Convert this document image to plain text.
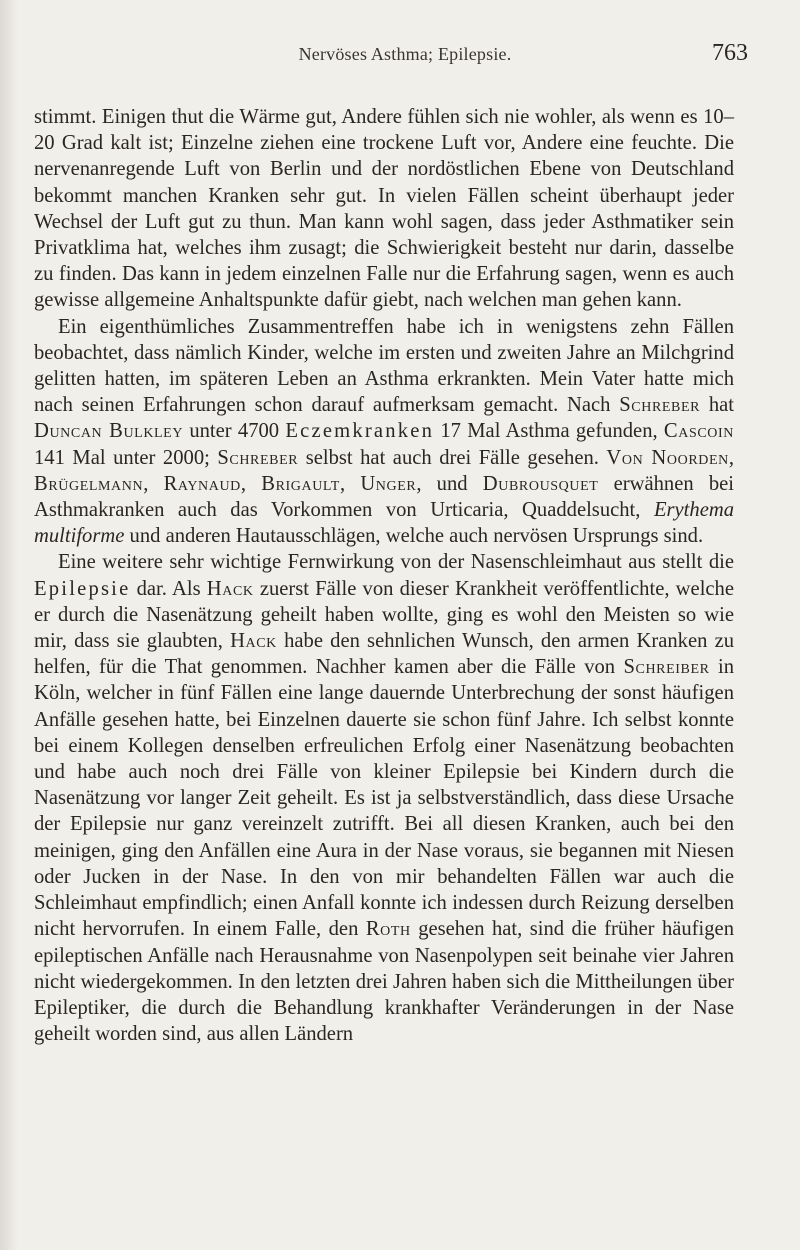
Nervöses Asthma; Epilepsie.	763

stimmt. Einigen thut die Wärme gut, Andere fühlen sich nie wohler, als wenn es 10–20 Grad kalt ist; Einzelne ziehen eine trockene Luft vor, Andere eine feuchte. Die nervenanregende Luft von Berlin und der nordöstlichen Ebene von Deutschland bekommt manchen Kranken sehr gut. In vielen Fällen scheint überhaupt jeder Wechsel der Luft gut zu thun. Man kann wohl sagen, dass jeder Asthmatiker sein Privatklima hat, welches ihm zusagt; die Schwierigkeit besteht nur darin, dasselbe zu finden. Das kann in jedem einzelnen Falle nur die Erfahrung sagen, wenn es auch gewisse allgemeine Anhaltspunkte dafür giebt, nach welchen man gehen kann.

Ein eigenthümliches Zusammentreffen habe ich in wenigstens zehn Fällen beobachtet, dass nämlich Kinder, welche im ersten und zweiten Jahre an Milchgrind gelitten hatten, im späteren Leben an Asthma erkrankten. Mein Vater hatte mich nach seinen Erfahrungen schon darauf aufmerksam gemacht. Nach Schreber hat Duncan Bulkley unter 4700 Eczemkranken 17 Mal Asthma gefunden, Cascoin 141 Mal unter 2000; Schreber selbst hat auch drei Fälle gesehen. Von Noorden, Brügelmann, Raynaud, Brigault, Unger, und Dubrousquet erwähnen bei Asthmakranken auch das Vorkommen von Urticaria, Quaddelsucht, Erythema multiforme und anderen Hautausschlägen, welche auch nervösen Ursprungs sind.

Eine weitere sehr wichtige Fernwirkung von der Nasenschleimhaut aus stellt die Epilepsie dar. Als Hack zuerst Fälle von dieser Krankheit veröffentlichte, welche er durch die Nasenätzung geheilt haben wollte, ging es wohl den Meisten so wie mir, dass sie glaubten, Hack habe den sehnlichen Wunsch, den armen Kranken zu helfen, für die That genommen. Nachher kamen aber die Fälle von Schreiber in Köln, welcher in fünf Fällen eine lange dauernde Unterbrechung der sonst häufigen Anfälle gesehen hatte, bei Einzelnen dauerte sie schon fünf Jahre. Ich selbst konnte bei einem Kollegen denselben erfreulichen Erfolg einer Nasenätzung beobachten und habe auch noch drei Fälle von kleiner Epilepsie bei Kindern durch die Nasenätzung vor langer Zeit geheilt. Es ist ja selbstverständlich, dass diese Ursache der Epilepsie nur ganz vereinzelt zutrifft. Bei all diesen Kranken, auch bei den meinigen, ging den Anfällen eine Aura in der Nase voraus, sie begannen mit Niesen oder Jucken in der Nase. In den von mir behandelten Fällen war auch die Schleimhaut empfindlich; einen Anfall konnte ich indessen durch Reizung derselben nicht hervorrufen. In einem Falle, den Roth gesehen hat, sind die früher häufigen epileptischen Anfälle nach Herausnahme von Nasenpolypen seit beinahe vier Jahren nicht wiedergekommen. In den letzten drei Jahren haben sich die Mittheilungen über Epileptiker, die durch die Behandlung krankhafter Veränderungen in der Nase geheilt worden sind, aus allen Ländern
